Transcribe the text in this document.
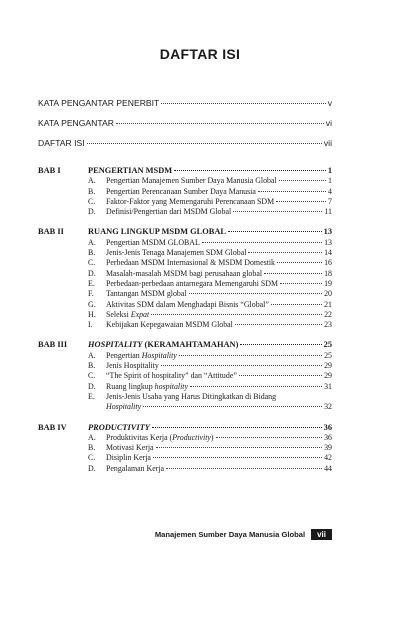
DAFTAR ISI
KATA PENGANTAR PENERBIT	v
KATA PENGANTAR	vi
DAFTAR ISI	vii
BAB I	PENGERTIAN MSDM	1
A.	Pengertian Manajemen Sumber Daya Manusia Global	1
B.	Pengertian Perencanaan Sumber Daya Manusia	4
C.	Faktor-Faktor yang Memengaruhi Perencanaan SDM	7
D.	Definisi/Pengertian dari MSDM Global	11
BAB II	RUANG LINGKUP MSDM GLOBAL	13
A.	Pengertian MSDM GLOBAL	13
B.	Jenis-Jenis Tenaga Manajemen SDM Global	14
C.	Perbedaan MSDM Internasional & MSDM Domestik	16
D.	Masalah-masalah MSDM bagi perusahaan global	18
E.	Perbedaan-perbedaan antarnegara Memengaruhi SDM	19
F.	Tantangan MSDM global	20
G.	Aktivitas SDM dalam Menghadapi Bisnis “Global”	21
H.	Seleksi Expat	22
I.	Kebijakan Kepegawaian MSDM Global	23
BAB III	HOSPITALITY (KERAMAHTAMAHAN)	25
A.	Pengertian Hospitality	25
B.	Jenis Hospitality	29
C.	“The Spirit of hospitality” dan “Attitude”	29
D.	Ruang lingkup hospitality	31
E.	Jenis-Jenis Usaha yang Harus Ditingkatkan di Bidang
Hospitality	32
BAB IV	PRODUCTIVITY	36
A.	Produktivitas Kerja (Productivity)	36
B.	Motivasi Kerja	39
C.	Disiplin Kerja	42
D.	Pengalaman Kerja	44
Manajemen Sumber Daya Manusia Global	vii
